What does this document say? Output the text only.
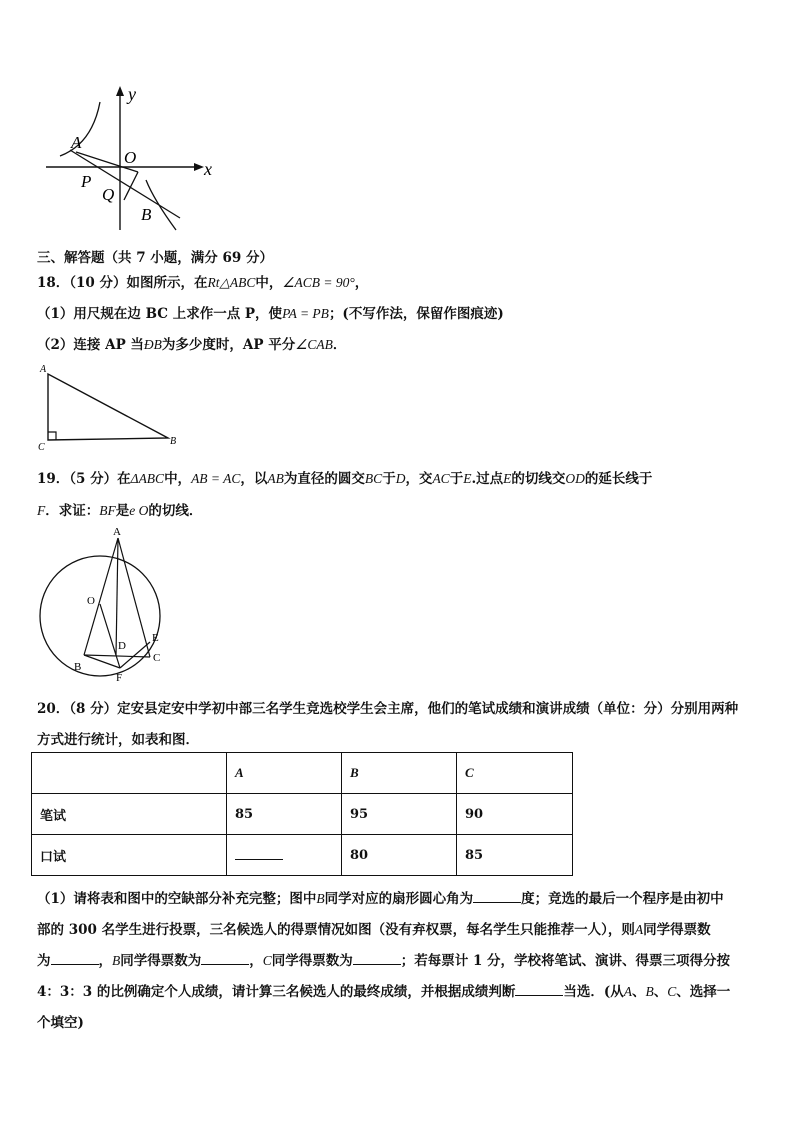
y
x
O
A
P
Q
B
三、解答题（共 7 小题，满分 69 分）
18．（10 分）如图所示，在Rt△ABC中，∠ACB = 90°，
（1）用尺规在边 BC 上求作一点 P，使PA = PB；(不写作法，保留作图痕迹)
（2）连接 AP 当ÐB为多少度时，AP 平分∠CAB．
A
C
B
19．（5 分）在ΔABC中，AB = AC，以AB为直径的圆交BC于D，交AC于E.过点E的切线交OD的延长线于
F．求证：BF是e O的切线．
A
O
D
E
C
B
F
20．（8 分）定安县定安中学初中部三名学生竞选校学生会主席，他们的笔试成绩和演讲成绩（单位：分）分别用两种
方式进行统计，如表和图．
	A	B	C
笔试	85	95	90
口试		80	85
（1）请将表和图中的空缺部分补充完整；图中B同学对应的扇形圆心角为	度；竞选的最后一个程序是由初中
部的 300 名学生进行投票，三名候选人的得票情况如图（没有弃权票，每名学生只能推荐一人），则A同学得票数
为	，B同学得票数为	，C同学得票数为	；若每票计 1 分，学校将笔试、演讲、得票三项得分按
4：3：3 的比例确定个人成绩，请计算三名候选人的最终成绩，并根据成绩判断	当选．(从A、B、C、选择一
个填空)
